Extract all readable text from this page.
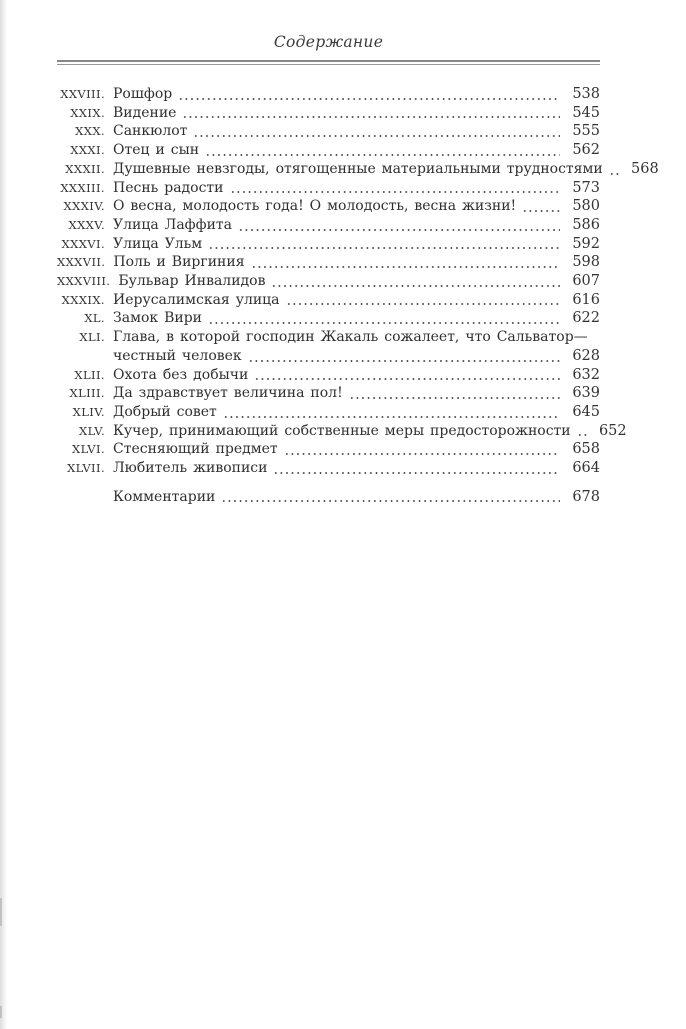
Содержание
XXVIII. Рошфор	538
XXIX. Видение	545
XXX. Санкюлот	555
XXXI. Отец и сын	562
XXXII. Душевные невзгоды, отягощенные материальными трудностями 568
XXXIII. Песнь радости	573
XXXIV. О весна, молодость года! О молодость, весна жизни!	580
XXXV. Улица Лаффита	586
XXXVI. Улица Ульм	592
XXXVII. Поль и Виргиния	598
XXXVIII. Бульвар Инвалидов	607
XXXIX. Иерусалимская улица	616
XL. Замок Вири	622
XLI. Глава, в которой господин Жакаль сожалеет, что Сальватор—
честный человек	628
XLII. Охота без добычи	632
XLIII. Да здравствует величина пол!	639
XLIV. Добрый совет	645
XLV. Кучер, принимающий собственные меры предосторожности 652
XLVI. Стесняющий предмет	658
XLVII. Любитель живописи	664
Комментарии	678
